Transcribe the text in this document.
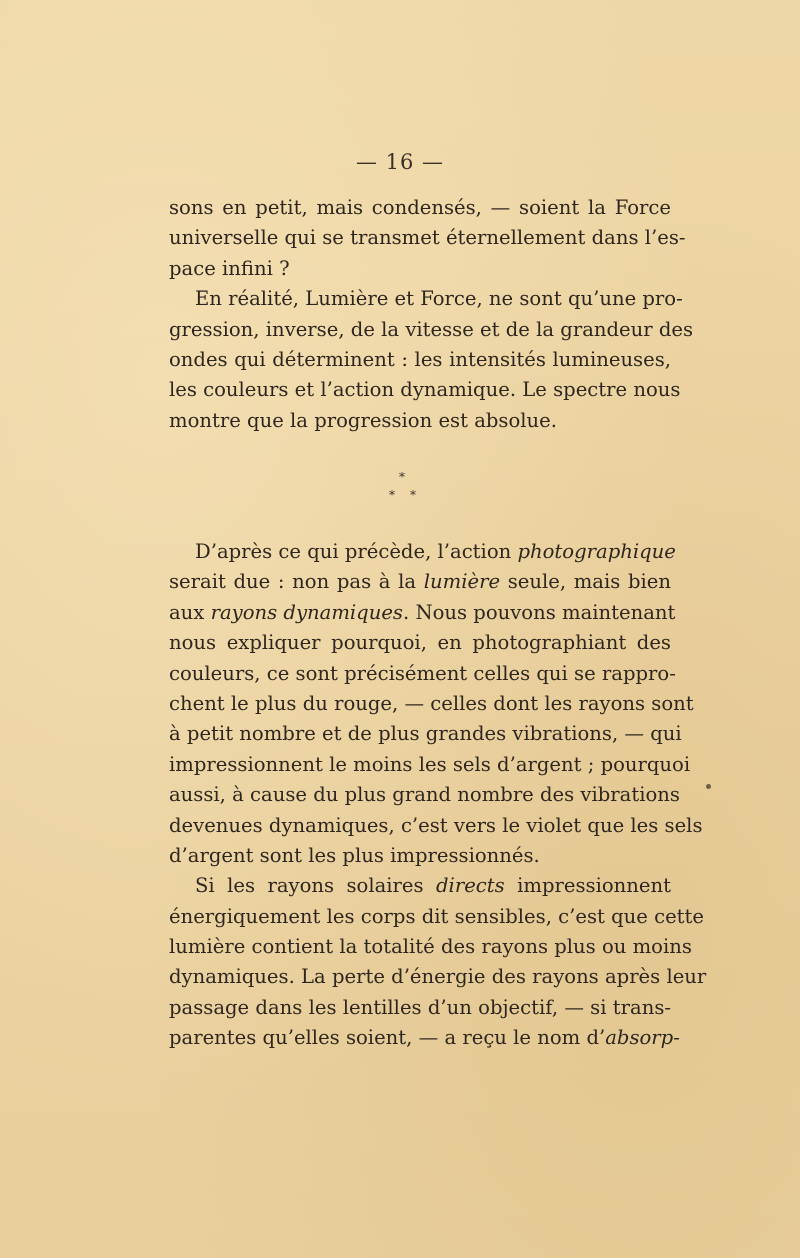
— 16 —
sons en petit, mais condensés, — soient la Force
universelle qui se transmet éternellement dans l’es-
pace infini ?
En réalité, Lumière et Force, ne sont qu’une pro-
gression, inverse, de la vitesse et de la grandeur des
ondes qui déterminent : les intensités lumineuses,
les couleurs et l’action dynamique. Le spectre nous
montre que la progression est absolue.
*
* *
D’après ce qui précède, l’action photographique
serait due : non pas à la lumière seule, mais bien
aux rayons dynamiques. Nous pouvons maintenant
nous expliquer pourquoi, en photographiant des
couleurs, ce sont précisément celles qui se rappro-
chent le plus du rouge, — celles dont les rayons sont
à petit nombre et de plus grandes vibrations, — qui
impressionnent le moins les sels d’argent ; pourquoi
aussi, à cause du plus grand nombre des vibrations
devenues dynamiques, c’est vers le violet que les sels
d’argent sont les plus impressionnés.
Si les rayons solaires directs impressionnent
énergiquement les corps dit sensibles, c’est que cette
lumière contient la totalité des rayons plus ou moins
dynamiques. La perte d’énergie des rayons après leur
passage dans les lentilles d’un objectif, — si trans-
parentes qu’elles soient, — a reçu le nom d’absorp-
